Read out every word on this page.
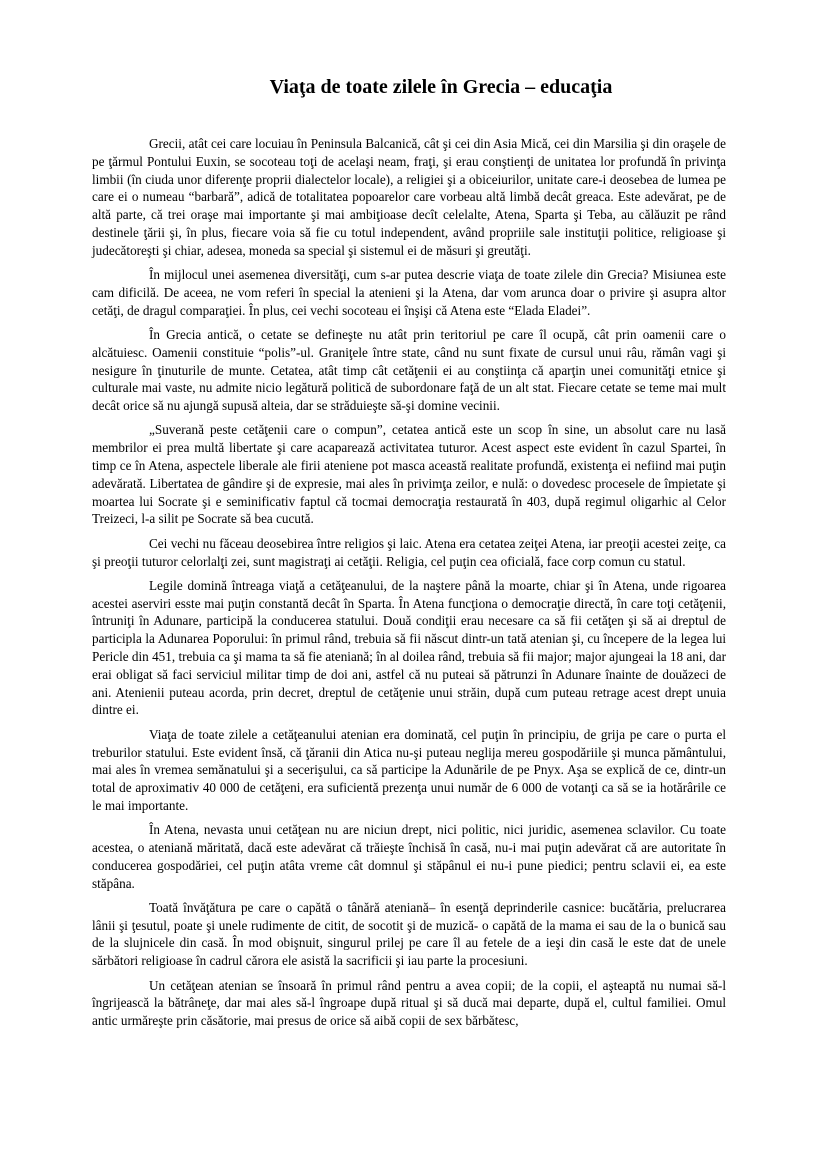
Viaţa de toate zilele în Grecia – educaţia

Grecii, atât cei care locuiau în Peninsula Balcanică, cât şi cei din Asia Mică, cei din Marsilia şi din oraşele de pe ţărmul Pontului Euxin, se socoteau toţi de acelaşi neam, fraţi, şi erau conştienţi de unitatea lor profundă în privinţa limbii (în ciuda unor diferenţe proprii dialectelor locale), a religiei şi a obiceiurilor, unitate care-i deosebea de lumea pe care ei o numeau “barbară”, adică de totalitatea popoarelor care vorbeau altă limbă decât greaca. Este adevărat, pe de altă parte, că trei oraşe mai importante şi mai ambiţioase decît celelalte, Atena, Sparta şi Teba, au călăuzit pe rând destinele ţării şi, în plus, fiecare voia să fie cu totul independent, având propriile sale instituţii politice, religioase şi judecătoreşti şi chiar, adesea, moneda sa special şi sistemul ei de măsuri şi greutăţi.

În mijlocul unei asemenea diversităţi, cum s-ar putea descrie viaţa de toate zilele din Grecia? Misiunea este cam dificilă. De aceea, ne vom referi în special la atenieni şi la Atena, dar vom arunca doar o privire şi asupra altor cetăţi, de dragul comparaţiei. În plus, cei vechi socoteau ei înşişi că Atena este “Elada Eladei”.

În Grecia antică, o cetate se defineşte nu atât prin teritoriul pe care îl ocupă, cât prin oamenii care o alcătuiesc. Oamenii constituie “polis”-ul. Graniţele între state, când nu sunt fixate de cursul unui râu, rămân vagi şi nesigure în ţinuturile de munte. Cetatea, atât timp cât cetăţenii ei au conştiinţa că aparţin unei comunităţi etnice şi culturale mai vaste, nu admite nicio legătură politică de subordonare faţă de un alt stat. Fiecare cetate se teme mai mult decât orice să nu ajungă supusă alteia, dar se străduieşte să-şi domine vecinii.

„Suverană peste cetăţenii care o compun”, cetatea antică este un scop în sine, un absolut care nu lasă membrilor ei prea multă libertate şi care acaparează activitatea tuturor. Acest aspect este evident în cazul Spartei, în timp ce în Atena, aspectele liberale ale firii ateniene pot masca această realitate profundă, existenţa ei nefiind mai puţin adevărată. Libertatea de gândire şi de expresie, mai ales în privimţa zeilor, e nulă: o dovedesc procesele de împietate şi moartea lui Socrate şi e seminificativ faptul că tocmai democraţia restaurată în 403, după regimul oligarhic al Celor Treizeci, l-a silit pe Socrate să bea cucută.

Cei vechi nu făceau deosebirea între religios şi laic. Atena era cetatea zeiţei Atena, iar preoţii acestei zeiţe, ca şi preoţii tuturor celorlalţi zei, sunt magistraţi ai cetăţii. Religia, cel puţin cea oficială, face corp comun cu statul.

Legile domină întreaga viaţă a cetăţeanului, de la naştere până la moarte, chiar şi în Atena, unde rigoarea acestei aserviri esste mai puţin constantă decât în Sparta. În Atena funcţiona o democraţie directă, în care toţi cetăţenii, întruniţi în Adunare, participă la conducerea statului. Două condiţii erau necesare ca să fii cetăţen şi să ai dreptul de participla la Adunarea Poporului: în primul rând, trebuia să fii născut dintr-un tată atenian şi, cu începere de la legea lui Pericle din 451, trebuia ca şi mama ta să fie ateniană; în al doilea rând, trebuia să fii major; major ajungeai la 18 ani, dar erai obligat să faci serviciul militar timp de doi ani, astfel că nu puteai să pătrunzi în Adunare înainte de douăzeci de ani. Atenienii puteau acorda, prin decret, dreptul de cetăţenie unui străin, după cum puteau retrage acest drept unuia dintre ei.

Viaţa de toate zilele a cetăţeanului atenian era dominată, cel puţin în principiu, de grija pe care o purta el treburilor statului. Este evident însă, că ţăranii din Atica nu-şi puteau neglija mereu gospodăriile şi munca pământului, mai ales în vremea semănatului şi a secerişului, ca să participe la Adunările de pe Pnyx. Aşa se explică de ce, dintr-un total de aproximativ 40 000 de cetăţeni, era suficientă prezenţa unui număr de 6 000 de votanţi ca să se ia hotărârile ce le mai importante.

În Atena, nevasta unui cetăţean nu are niciun drept, nici politic, nici juridic, asemenea sclavilor. Cu toate acestea, o ateniană măritată, dacă este adevărat că trăieşte închisă în casă, nu-i mai puţin adevărat că are autoritate în conducerea gospodăriei, cel puţin atâta vreme cât domnul şi stăpânul ei nu-i pune piedici; pentru sclavii ei, ea este stăpâna.

Toată învăţătura pe care o capătă o tânără ateniană– în esenţă deprinderile casnice: bucătăria, prelucrarea lânii şi ţesutul, poate şi unele rudimente de citit, de socotit şi de muzică- o capătă de la mama ei sau de la o bunică sau de la slujnicele din casă. În mod obişnuit, singurul prilej pe care îl au fetele de a ieşi din casă le este dat de unele sărbători religioase în cadrul cărora ele asistă la sacrificii şi iau parte la procesiuni.

Un cetăţean atenian se însoară în primul rând pentru a avea copii; de la copii, el aşteaptă nu numai să-l îngrijească la bătrâneţe, dar mai ales să-l îngroape după ritual şi să ducă mai departe, după el, cultul familiei. Omul antic urmăreşte prin căsătorie, mai presus de orice să aibă copii de sex bărbătesc,
